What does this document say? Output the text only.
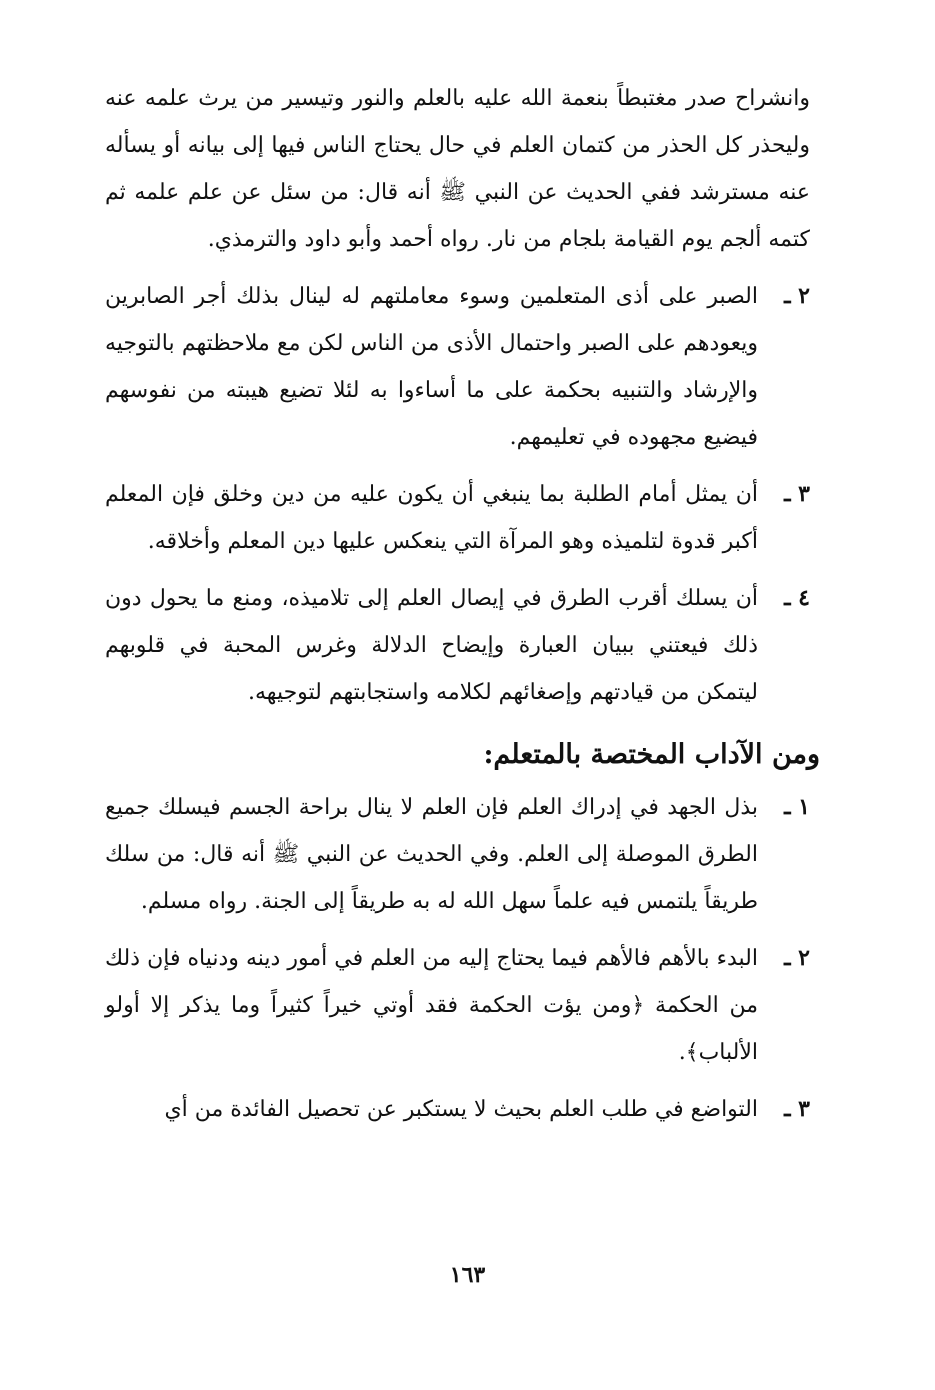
وانشراح صدر مغتبطاً بنعمة الله عليه بالعلم والنور وتيسير من يرث علمه عنه وليحذر كل الحذر من كتمان العلم في حال يحتاج الناس فيها إلى بيانه أو يسأله عنه مسترشد ففي الحديث عن النبي ﷺ أنه قال: من سئل عن علم علمه ثم كتمه ألجم يوم القيامة بلجام من نار. رواه أحمد وأبو داود والترمذي.

٢ ـ
الصبر على أذى المتعلمين وسوء معاملتهم له لينال بذلك أجر الصابرين ويعودهم على الصبر واحتمال الأذى من الناس لكن مع ملاحظتهم بالتوجيه والإرشاد والتنبيه بحكمة على ما أساءوا به لئلا تضيع هيبته من نفوسهم فيضيع مجهوده في تعليمهم.
٣ ـ
أن يمثل أمام الطلبة بما ينبغي أن يكون عليه من دين وخلق فإن المعلم أكبر قدوة لتلميذه وهو المرآة التي ينعكس عليها دين المعلم وأخلاقه.
٤ ـ
أن يسلك أقرب الطرق في إيصال العلم إلى تلاميذه، ومنع ما يحول دون ذلك فيعتني ببيان العبارة وإيضاح الدلالة وغرس المحبة في قلوبهم ليتمكن من قيادتهم وإصغائهم لكلامه واستجابتهم لتوجيهه.
ومن الآداب المختصة بالمتعلم:
١ ـ
بذل الجهد في إدراك العلم فإن العلم لا ينال براحة الجسم فيسلك جميع الطرق الموصلة إلى العلم. وفي الحديث عن النبي ﷺ أنه قال: من سلك طريقاً يلتمس فيه علماً سهل الله له به طريقاً إلى الجنة. رواه مسلم.
٢ ـ
البدء بالأهم فالأهم فيما يحتاج إليه من العلم في أمور دينه ودنياه فإن ذلك من الحكمة ﴿ومن يؤت الحكمة فقد أوتي خيراً كثيراً وما يذكر إلا أولو الألباب﴾.
٣ ـ
التواضع في طلب العلم بحيث لا يستكبر عن تحصيل الفائدة من أي
١٦٣
